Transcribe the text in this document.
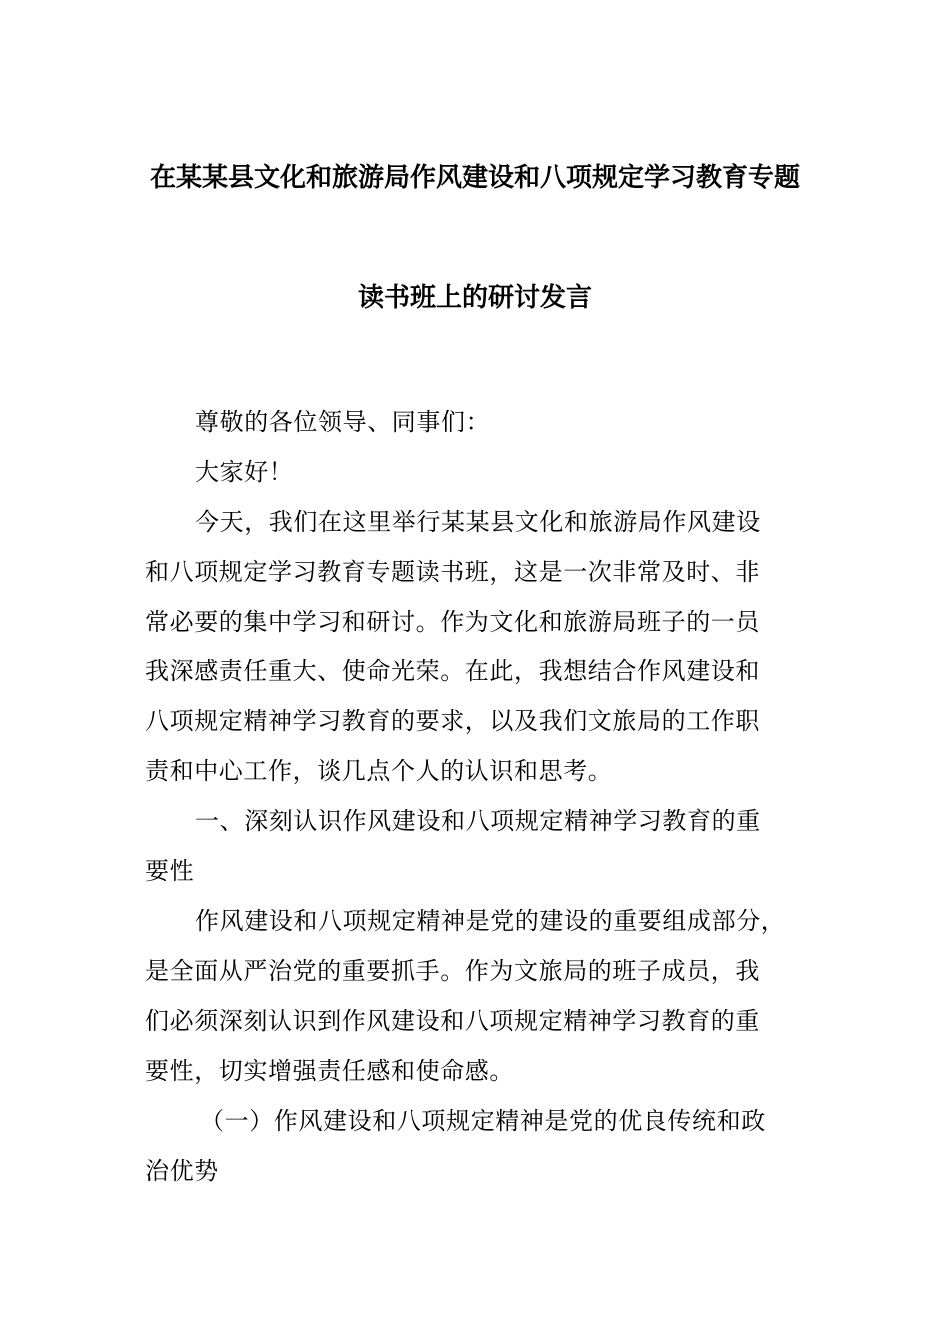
在某某县文化和旅游局作风建设和八项规定学习教育专题
读书班上的研讨发言
尊敬的各位领导、同事们：
大家好！
今天，我们在这里举行某某县文化和旅游局作风建设
和八项规定学习教育专题读书班，这是一次非常及时、非
常必要的集中学习和研讨。作为文化和旅游局班子的一员
我深感责任重大、使命光荣。在此，我想结合作风建设和
八项规定精神学习教育的要求，以及我们文旅局的工作职
责和中心工作，谈几点个人的认识和思考。
一、深刻认识作风建设和八项规定精神学习教育的重
要性
作风建设和八项规定精神是党的建设的重要组成部分，
是全面从严治党的重要抓手。作为文旅局的班子成员，我
们必须深刻认识到作风建设和八项规定精神学习教育的重
要性，切实增强责任感和使命感。
（一）作风建设和八项规定精神是党的优良传统和政
治优势
